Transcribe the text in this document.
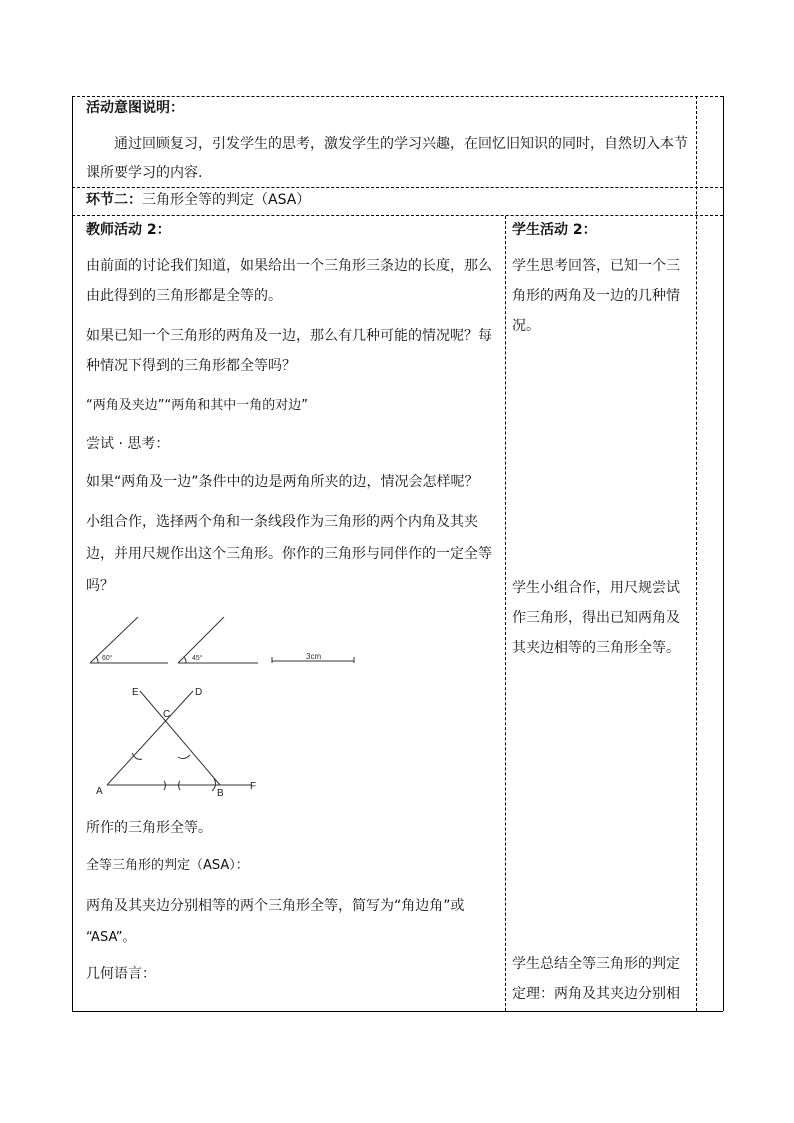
活动意图说明：
通过回顾复习，引发学生的思考，激发学生的学习兴趣，在回忆旧知识的同时，自然切入本节
课所要学习的内容.
环节二：三角形全等的判定（ASA）
教师活动 2：
由前面的讨论我们知道，如果给出一个三角形三条边的长度，那么
由此得到的三角形都是全等的。
如果已知一个三角形的两角及一边，那么有几种可能的情况呢？每
种情况下得到的三角形都全等吗？
“两角及夹边”“两角和其中一角的对边”
尝试 · 思考：
如果“两角及一边”条件中的边是两角所夹的边，情况会怎样呢？
小组合作，选择两个角和一条线段作为三角形的两个内角及其夹
边，并用尺规作出这个三角形。你作的三角形与同伴作的一定全等
吗？
60°	45°	3cm
E	D
C
A	B
F
所作的三角形全等。
全等三角形的判定（ASA）：
两角及其夹边分别相等的两个三角形全等，简写为“角边角”或
“ASA”。
几何语言：
学生活动 2：
学生思考回答，已知一个三
角形的两角及一边的几种情
况。
学生小组合作，用尺规尝试
作三角形，得出已知两角及
其夹边相等的三角形全等。
学生总结全等三角形的判定
定理：两角及其夹边分别相
